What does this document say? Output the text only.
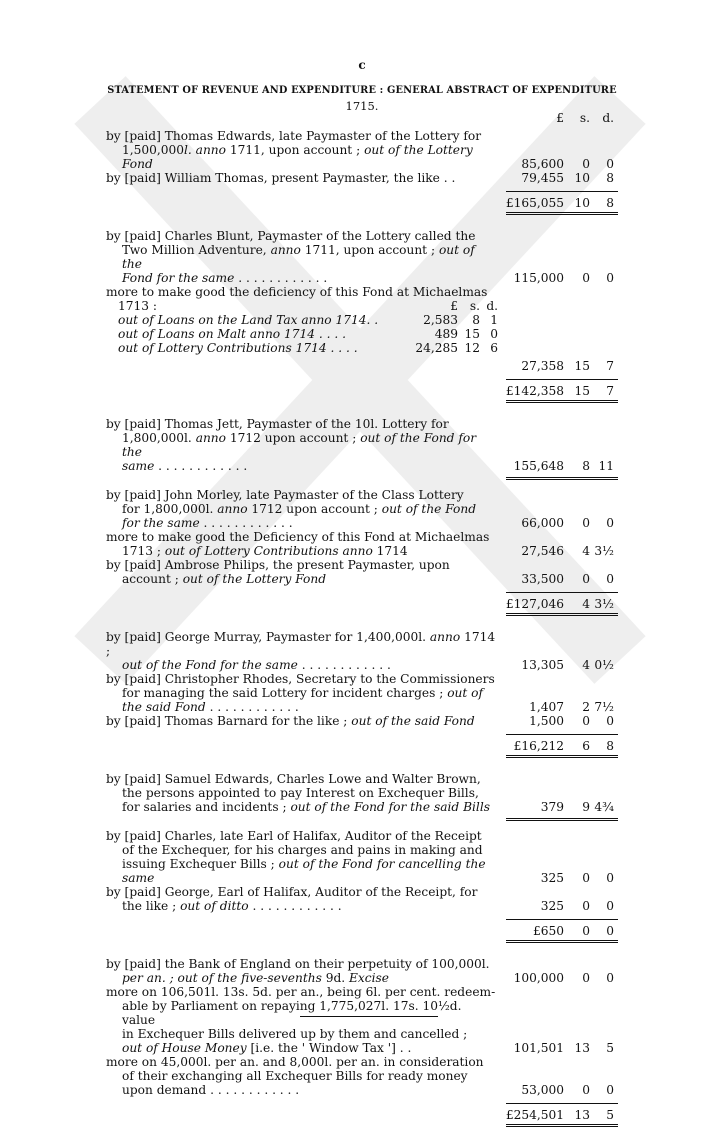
c
STATEMENT OF REVENUE AND EXPENDITURE : GENERAL ABSTRACT OF EXPENDITURE
1715.
£	s.	d.
by [paid] Thomas Edwards, late Paymaster of the Lottery for
1,500,000l. anno 1711, upon account ; out of the Lottery Fond	85,600	0	0
by [paid] William Thomas, present Paymaster, the like . .	79,455 10	8
£165,055 10	8
by [paid] Charles Blunt, Paymaster of the Lottery called the
Two Million Adventure, anno 1711, upon account ; out of the
Fond for the same . . . . . . . . . . . .	115,000	0	0
more to make good the deficiency of this Fond at Michaelmas
1713 :	£ s. d.
out of Loans on the Land Tax anno 1714. .	2,583	8 1
out of Loans on Malt anno 1714 . . . .	489 15 0
out of Lottery Contributions 1714 . . . .	24,285 12 6
27,358 15	7
£142,358 15	7
by [paid] Thomas Jett, Paymaster of the 10l. Lottery for
1,800,000l. anno 1712 upon account ; out of the Fond for the
same . . . . . . . . . . . .	155,648	8 11
by [paid] John Morley, late Paymaster of the Class Lottery
for 1,800,000l. anno 1712 upon account ; out of the Fond
for the same . . . . . . . . . . . .	66,000	0	0
more to make good the Deficiency of this Fond at Michaelmas
1713 ; out of Lottery Contributions anno 1714	27,546	4 3½
by [paid] Ambrose Philips, the present Paymaster, upon
account ; out of the Lottery Fond	33,500	0	0
£127,046	4 3½
by [paid] George Murray, Paymaster for 1,400,000l. anno 1714 ;
out of the Fond for the same . . . . . . . . . . . .	13,305	4 0½
by [paid] Christopher Rhodes, Secretary to the Commissioners
for managing the said Lottery for incident charges ; out of
the said Fond . . . . . . . . . . . .	1,407	2 7½
by [paid] Thomas Barnard for the like ; out of the said Fond	1,500	0	0
£16,212	6	8
by [paid] Samuel Edwards, Charles Lowe and Walter Brown,
the persons appointed to pay Interest on Exchequer Bills,
for salaries and incidents ; out of the Fond for the said Bills	379	9 4¾
by [paid] Charles, late Earl of Halifax, Auditor of the Receipt
of the Exchequer, for his charges and pains in making and
issuing Exchequer Bills ; out of the Fond for cancelling the same	325	0	0
by [paid] George, Earl of Halifax, Auditor of the Receipt, for
the like ; out of ditto . . . . . . . . . . . .	325	0	0
£650	0	0
by [paid] the Bank of England on their perpetuity of 100,000l.
per an. ; out of the five-sevenths 9d. Excise	100,000	0	0
more on 106,501l. 13s. 5d. per an., being 6l. per cent. redeem-
able by Parliament on repaying 1,775,027l. 17s. 10½d. value
in Exchequer Bills delivered up by them and cancelled ;
out of House Money [i.e. the ' Window Tax '] . .	101,501 13	5
more on 45,000l. per an. and 8,000l. per an. in consideration
of their exchanging all Exchequer Bills for ready money
upon demand . . . . . . . . . . . .	53,000	0	0
£254,501 13	5
